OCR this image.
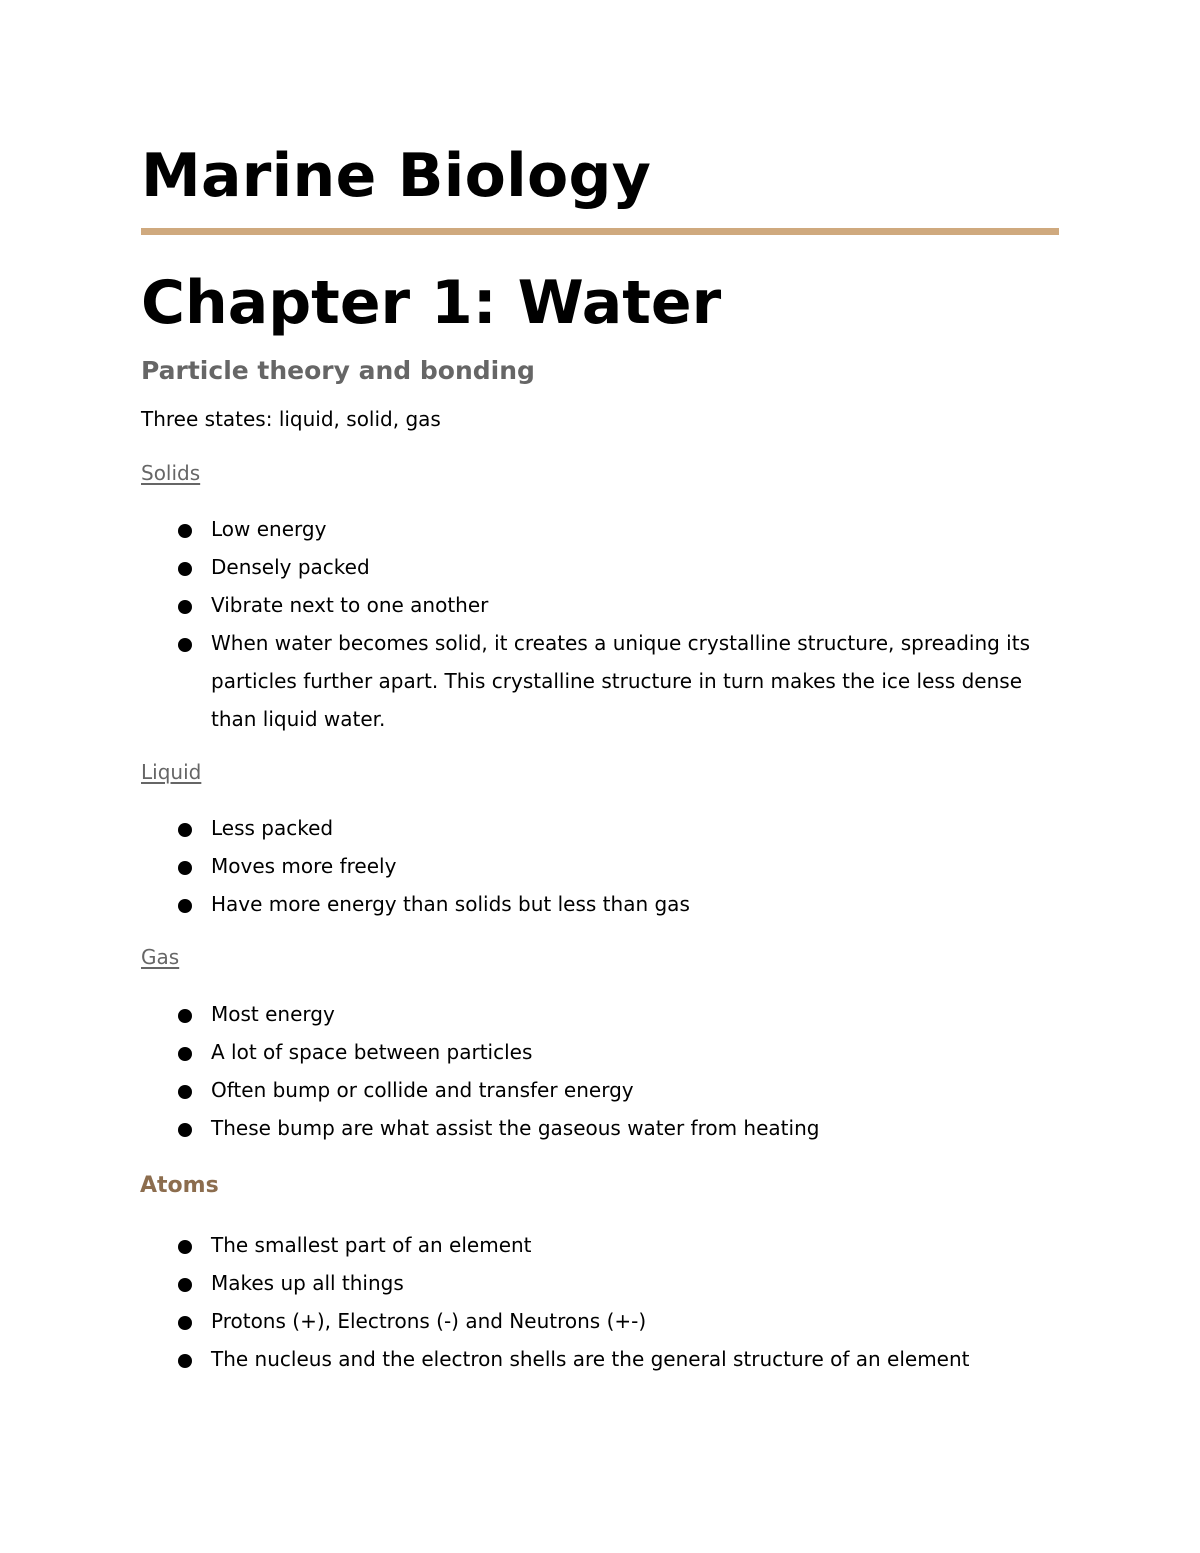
Marine Biology
Chapter 1: Water
Particle theory and bonding

Three states: liquid, solid, gas

Solids

Low energy
Densely packed
Vibrate next to one another
When water becomes solid, it creates a unique crystalline structure, spreading its particles further apart. This crystalline structure in turn makes the ice less dense than liquid water.

Liquid

Less packed
Moves more freely
Have more energy than solids but less than gas

Gas

Most energy
A lot of space between particles
Often bump or collide and transfer energy
These bump are what assist the gaseous water from heating
Atoms
The smallest part of an element
Makes up all things
Protons (+), Electrons (-) and Neutrons (+-)
The nucleus and the electron shells are the general structure of an element
